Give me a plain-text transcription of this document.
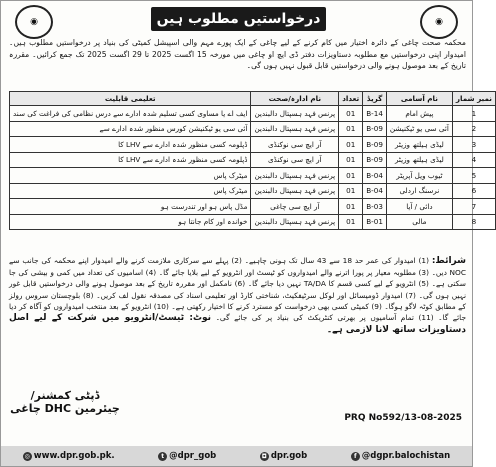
◉	درخواستیں مطلوب ہیں	◉
محکمہ صحت چاغی کے دائرہ اختیار میں کام کرنے کے لیے چاغی کے ایک پورے مہم والی اسپیشل کمیٹی کی بنیاد پر درخواستیں مطلوب ہیں۔ امیدوار اپنی درخواستیں مع مطلوبہ دستاویزات دفتر ڈی ایچ او چاغی میں مورخہ 15 اگست 2025 تا 29 اگست 2025 تک جمع کرائیں۔ مقررہ تاریخ کے بعد موصول ہونے والی درخواستیں قابل قبول نہیں ہوں گی۔
نمبر شمار	نام آسامی	گریڈ	تعداد	نام ادارہ/صحت	تعلیمی قابلیت
1	پیش امام	B-14	01	پرنس فہد ہسپتال دالبندین	ایف اے یا مساوی کسی تسلیم شدہ ادارے سے درس نظامی کی فراغت کی سند
2	آئی سی یو ٹیکنیشن	B-09	01	پرنس فہد ہسپتال دالبندین	آئی سی یو ٹیکنیشن کورس منظور شدہ ادارے سے
3	لیڈی ہیلتھ وزیٹر	B-09	01	آر ایچ سی نوکنڈی	ڈپلومہ کسی منظور شدہ ادارے سے LHV کا
4	لیڈی ہیلتھ وزیٹر	B-09	01	آر ایچ سی نوکنڈی	ڈپلومہ کسی منظور شدہ ادارے سے LHV کا
5	ٹیوب ویل آپریٹر	B-04	01	پرنس فہد ہسپتال دالبندین	میٹرک پاس
6	نرسنگ اردلی	B-04	01	پرنس فہد ہسپتال دالبندین	میٹرک پاس
7	دائی / آیا	B-03	01	آر ایچ سی چاغی	مڈل پاس ہو اور تندرست ہو
8	مالی	B-01	01	پرنس فہد ہسپتال دالبندین	خواندہ اور کام جانتا ہو
شرائط: (1) امیدوار کی عمر حد 18 سے 43 سال تک ہونی چاہیے۔ (2) پہلے سے سرکاری ملازمت کرنے والے امیدوار اپنے محکمہ کی جانب سے NOC دیں۔ (3) مطلوبہ معیار پر پورا اترنے والے امیدواروں کو ٹیسٹ اور انٹرویو کے لیے بلایا جائے گا۔ (4) اسامیوں کی تعداد میں کمی و بیشی کی جا سکتی ہے۔ (5) انٹرویو کے لیے کسی قسم کا TA/DA نہیں دیا جائے گا۔ (6) نامکمل اور مقررہ تاریخ کے بعد موصول ہونے والی درخواستیں قابل غور نہیں ہوں گی۔ (7) امیدوار ڈومیسائل اور لوکل سرٹیفکیٹ، شناختی کارڈ اور تعلیمی اسناد کی مصدقہ نقول لف کریں۔ (8) بلوچستان سروس رولز کے مطابق کوٹہ لاگو ہوگا۔ (9) کمیٹی کسی بھی درخواست کو مسترد کرنے کا اختیار رکھتی ہے۔ (10) انٹرویو کے بعد منتخب امیدواروں کو آگاہ کر دیا جائے گا۔ (11) تمام آسامیوں پر بھرتی کنٹریکٹ کی بنیاد پر کی جائے گی۔ نوٹ: ٹیسٹ/انٹرویو میں شرکت کے لیے اصل دستاویزات ساتھ لانا لازمی ہے۔
ڈپٹی کمشنر/
چیئرمین DHC چاغی
PRQ No592/13-08-2025
◎ www.dpr.gob.pk.	t @dpr_gob	◘ dpr.gob	f @dgpr.balochistan
